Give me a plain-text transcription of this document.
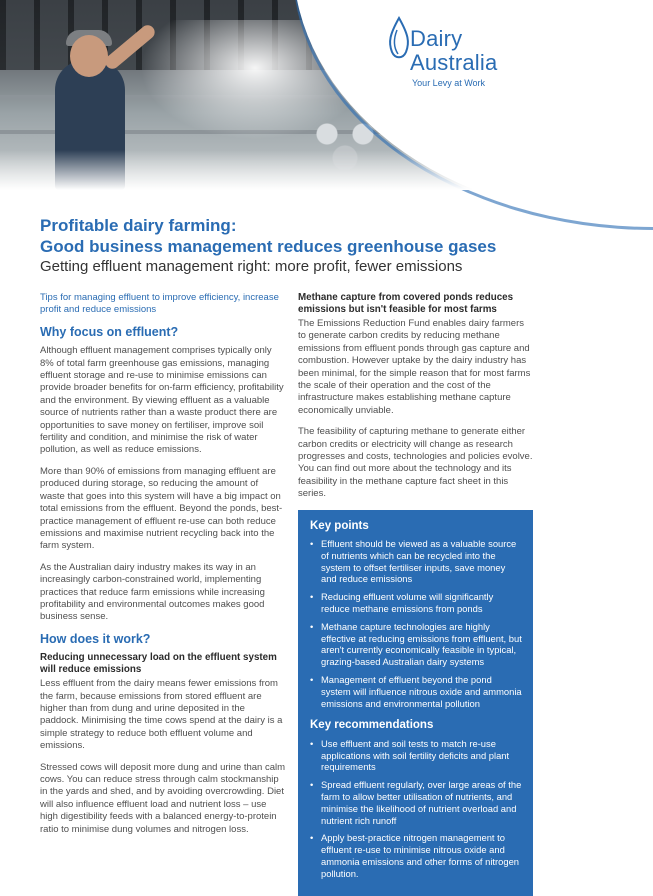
Dairy
Australia
Your Levy at Work
Profitable dairy farming:
Good business management reduces greenhouse gases
Getting effluent management right: more profit, fewer emissions

Tips for managing effluent to improve efficiency, increase profit and reduce emissions

Why focus on effluent?

Although effluent management comprises typically only 8% of total farm greenhouse gas emissions, managing effluent storage and re-use to minimise emissions can provide broader benefits for on-farm efficiency, profitability and the environment. By viewing effluent as a valuable source of nutrients rather than a waste product there are opportunities to save money on fertiliser, improve soil fertility and condition, and minimise the risk of water pollution, as well as reduce emissions.

More than 90% of emissions from managing effluent are produced during storage, so reducing the amount of waste that goes into this system will have a big impact on total emissions from the effluent. Beyond the ponds, best-practice management of effluent re-use can both reduce emissions and maximise nutrient recycling back into the farm system.

As the Australian dairy industry makes its way in an increasingly carbon-constrained world, implementing practices that reduce farm emissions while increasing profitability and environmental outcomes makes good business sense.

How does it work?
Reducing unnecessary load on the effluent system will reduce emissions

Less effluent from the dairy means fewer emissions from the farm, because emissions from stored effluent are higher than from dung and urine deposited in the paddock. Minimising the time cows spend at the dairy is a simple strategy to reduce both effluent volume and emissions.

Stressed cows will deposit more dung and urine than calm cows. You can reduce stress through calm stockmanship in the yards and shed, and by avoiding overcrowding. Diet will also influence effluent load and nutrient loss – use high digestibility feeds with a balanced energy-to-protein ratio to minimise dung volumes and nitrogen loss.

Methane capture from covered ponds reduces emissions but isn't feasible for most farms

The Emissions Reduction Fund enables dairy farmers to generate carbon credits by reducing methane emissions from effluent ponds through gas capture and combustion. However uptake by the dairy industry has been minimal, for the simple reason that for most farms the scale of their operation and the cost of the infrastructure makes establishing methane capture economically unviable.

The feasibility of capturing methane to generate either carbon credits or electricity will change as research progresses and costs, technologies and policies evolve. You can find out more about the technology and its feasibility in the methane capture fact sheet in this series.

Key points
• Effluent should be viewed as a valuable source of nutrients which can be recycled into the system to offset fertiliser inputs, save money and reduce emissions
• Reducing effluent volume will significantly reduce methane emissions from ponds
• Methane capture technologies are highly effective at reducing emissions from effluent, but aren't currently economically feasible in typical, grazing-based Australian dairy systems
• Management of effluent beyond the pond system will influence nitrous oxide and ammonia emissions and environmental pollution
Key recommendations
• Use effluent and soil tests to match re-use applications with soil fertility deficits and plant requirements
• Spread effluent regularly, over large areas of the farm to allow better utilisation of nutrients, and minimise the likelihood of nutrient overload and nutrient rich runoff
• Apply best-practice nitrogen management to effluent re-use to minimise nitrous oxide and ammonia emissions and other forms of nitrogen pollution.
